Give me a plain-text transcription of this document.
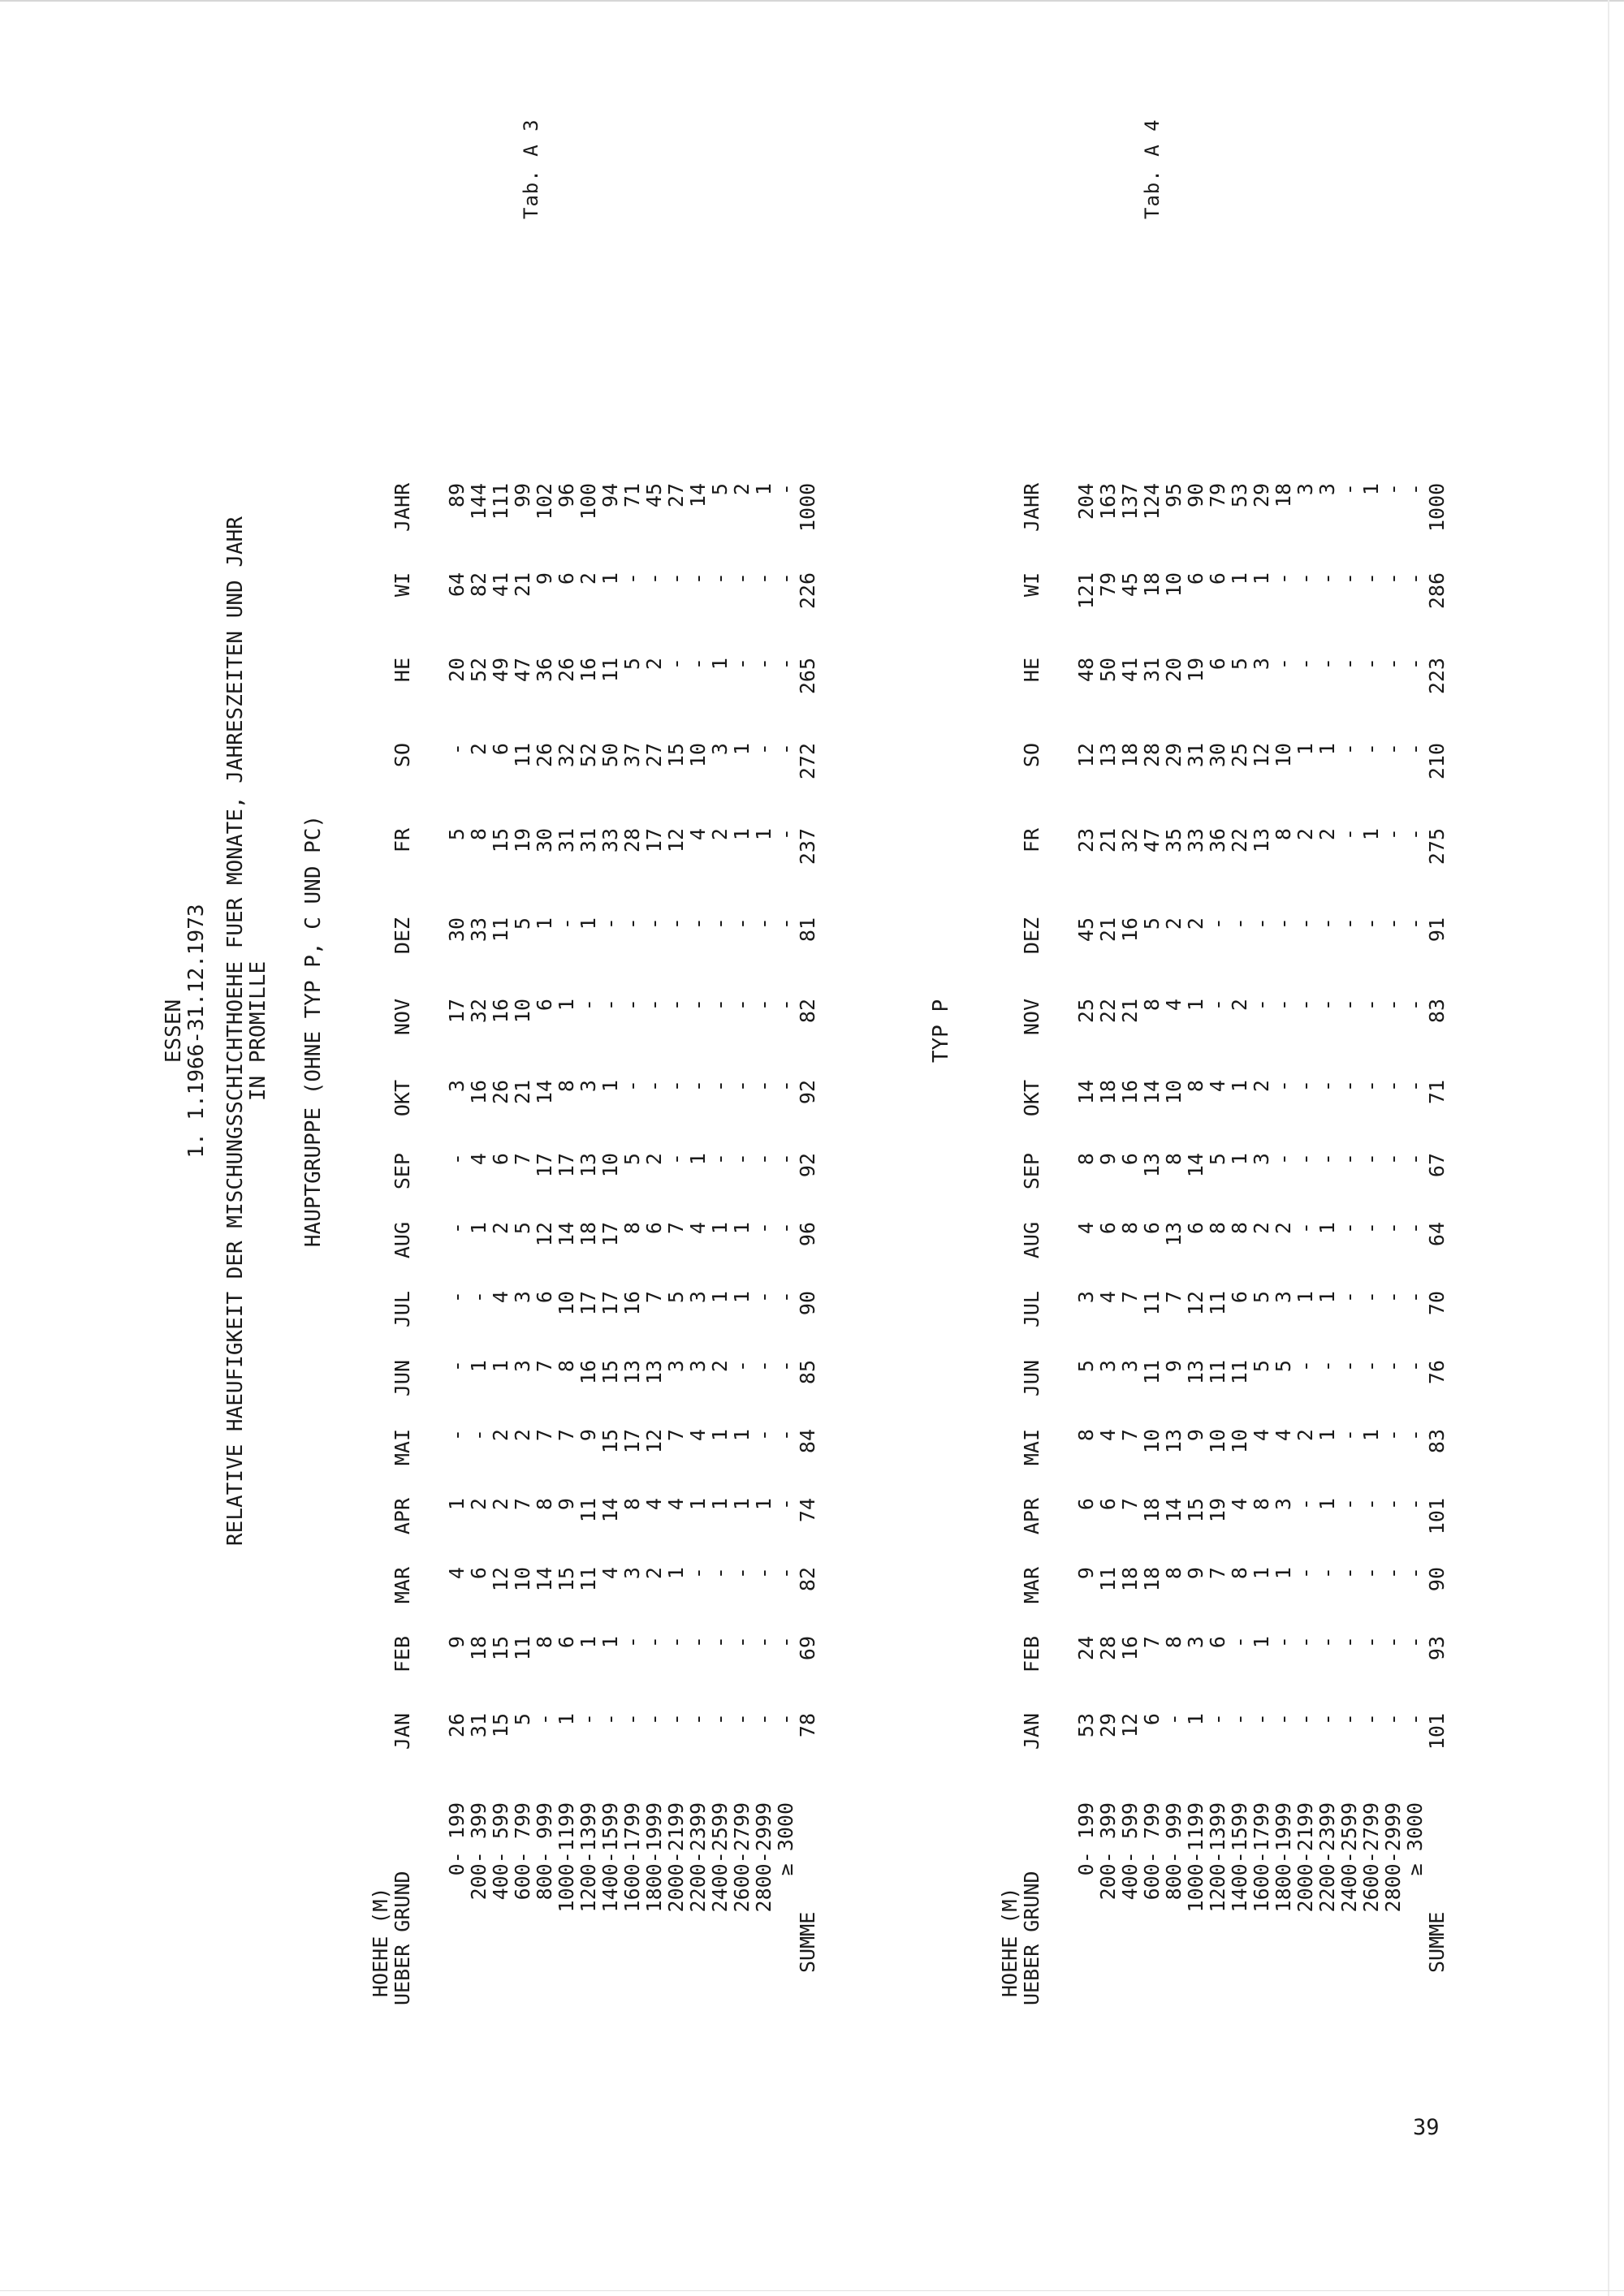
ESSEN
1. 1.1966-31.12.1973 RELATIVE HAEUFIGKEIT DER MISCHUNGSSCHICHTHOEHE FUER MONATE, JAHRESZEITEN UND JAHR
IN PROMILLE HAUPTGRUPPE (OHNE TYP P, C UND PC)	TYP P
Tab. A 3	Tab. A 4
HOEHE (M)
UEBER GRUND
0- 199
200- 399
400- 599
600- 799
800- 999
1000-1199
1200-1399
1400-1599
1600-1799
1800-1999
2000-2199
2200-2399
2400-2599
2600-2799
2800-2999
≥ 3000
SUMME
JAN 26
31
15
5
-
1
-
-
-
-
-
-
-
-
-
-
78
FEB 9
18
15
11
8
6
1
1
-
-
-
-
-
-
-
-
69
MAR 4
6
12
10
14
15
11
4
3
2
1
-
-
-
-
-
82
APR 1
2
2
7
8
9
11
14
8
4
4
1
1
1
1
-
74
MAI -
-
2
2
7
7
9
15
17
12
7
4
1
1
-
-
84
JUN -
1
1
3
7
8
16
15
13
13
3
3
2
-
-
-
85
JUL -
-
4
3
6
10
17
17
16
7
5
3
1
1
-
-
90
AUG -
1
2
5
12
14
18
17
8
6
7
4
1
1
-
-
96
SEP -
4
6
7
17
17
13
10
5
2
-
1
-
-
-
-
92
OKT 3
16
26
21
14
8
3
1
-
-
-
-
-
-
-
-
92
NOV 17
32
16
10
6
1
-
-
-
-
-
-
-
-
-
-
82
DEZ 30
33
11
5
1
-
1
-
-
-
-
-
-
-
-
-
81
FR 5
8
15
19
30
31
31
33
28
17
12
4
2
1
1
-
237
SO -
2
6
11
26
32
52
50
37
27
15
10
3
1
-
-
272
HE 20
52
49
47
36
26
16
11
5
2
-
-
1
-
-
-
265
WI 64
82
41
21
9
6
2
1
-
-
-
-
-
-
-
-
226
JAHR 89
144
111
99
102
96
100
94
71
45
27
14
5
2
1
-
1000
HOEHE (M)
UEBER GRUND
0- 199
200- 399
400- 599
600- 799
800- 999
1000-1199
1200-1399
1400-1599
1600-1799
1800-1999
2000-2199
2200-2399
2400-2599
2600-2799
2800-2999
≥ 3000
SUMME
JAN 53
29
12
6
-
1
-
-
-
-
-
-
-
-
-
-
101
FEB 24
28
16
7
8
3
6
-
1
-
-
-
-
-
-
-
93
MAR 9
11
18
18
8
9
7
8
1
1
-
-
-
-
-
-
90
APR 6
6
7
18
14
15
19
4
8
3
-
1
-
-
-
-
101
MAI 8
4
7
10
13
9
10
10
4
4
2
1
-
1
-
-
83
JUN 5
3
3
11
9
13
11
11
5
5
-
-
-
-
-
-
76
JUL 3
4
7
11
7
12
11
6
5
3
1
1
-
-
-
-
70
AUG 4
6
8
6
13
6
8
8
2
2
-
1
-
-
-
-
64
SEP 8
9
6
13
8
14
5
1
3
-
-
-
-
-
-
-
67
OKT 14
18
16
14
10
8
4
1
2
-
-
-
-
-
-
-
71
NOV 25
22
21
8
4
1
-
2
-
-
-
-
-
-
-
-
83
DEZ 45
21
16
5
2
2
-
-
-
-
-
-
-
-
-
-
91
FR 23
21
32
47
35
33
36
22
13
8
2
2
-
1
-
-
275
SO 12
13
18
28
29
31
30
25
12
10
1
1
-
-
-
-
210
HE 48
50
41
31
20
19
6
5
3
-
-
-
-
-
-
-
223
WI 121
79
45
18
10
6
6
1
1
-
-
-
-
-
-
-
286
JAHR 204
163
137
124
95
90
79
53
29
18
3
3
-
1
-
-
1000
39
